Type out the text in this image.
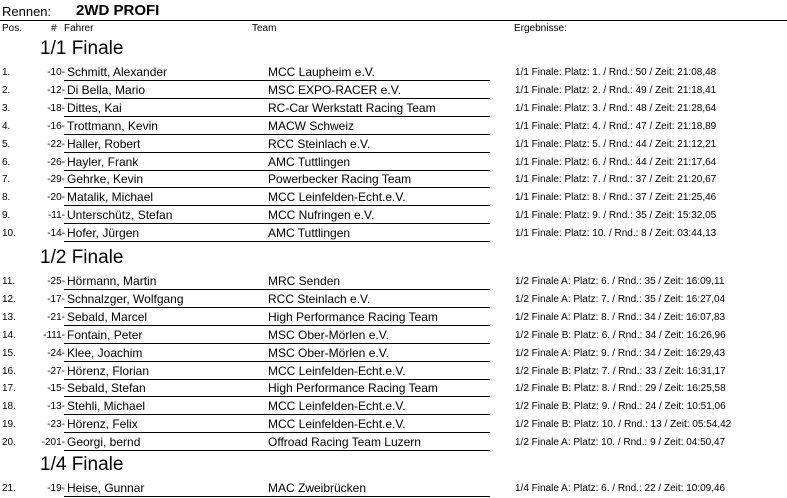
Rennen: 2WD PROFI
Pos.	# Fahrer	Team	Ergebnisse:
1/1 Finale
1.	-10- Schmitt, Alexander	MCC Laupheim e.V.	1/1 Finale: Platz: 1. / Rnd.: 50 / Zeit: 21:08,48
2.	-12- Di Bella, Mario	MSC EXPO-RACER e.V.	1/1 Finale: Platz: 2. / Rnd.: 49 / Zeit: 21:18,41
3.	-18- Dittes, Kai	RC-Car Werkstatt Racing Team	1/1 Finale: Platz: 3. / Rnd.: 48 / Zeit: 21:28,64
4.	-16- Trottmann, Kevin	MACW Schweiz	1/1 Finale: Platz: 4. / Rnd.: 47 / Zeit: 21:18,89
5.	-22- Haller, Robert	RCC Steinlach e.V.	1/1 Finale: Platz: 5. / Rnd.: 44 / Zeit: 21:12,21
6.	-26- Hayler, Frank	AMC Tuttlingen	1/1 Finale: Platz: 6. / Rnd.: 44 / Zeit: 21:17,64
7.	-29- Gehrke, Kevin	Powerbecker Racing Team	1/1 Finale: Platz: 7. / Rnd.: 37 / Zeit: 21:20,67
8.	-20- Matalik, Michael	MCC Leinfelden-Echt.e.V.	1/1 Finale: Platz: 8. / Rnd.: 37 / Zeit: 21:25,46
9.	-11- Unterschütz, Stefan	MCC Nufringen e.V.	1/1 Finale: Platz: 9. / Rnd.: 35 / Zeit: 15:32,05
10.	-14- Hofer, Jürgen	AMC Tuttlingen	1/1 Finale: Platz: 10. / Rnd.: 8 / Zeit: 03:44,13
1/2 Finale
11.	-25- Hörmann, Martin	MRC Senden	1/2 Finale A: Platz: 6. / Rnd.: 35 / Zeit: 16:09,11
12.	-17- Schnalzger, Wolfgang	RCC Steinlach e.V.	1/2 Finale A: Platz: 7. / Rnd.: 35 / Zeit: 16:27,04
13.	-21- Sebald, Marcel	High Performance Racing Team	1/2 Finale A: Platz: 8. / Rnd.: 34 / Zeit: 16:07,83
14.	-111- Fontain, Peter	MSC Ober-Mörlen e.V.	1/2 Finale B: Platz: 6. / Rnd.: 34 / Zeit: 16:26,96
15.	-24- Klee, Joachim	MSC Ober-Mörlen e.V.	1/2 Finale A: Platz: 9. / Rnd.: 34 / Zeit: 16:29,43
16.	-27- Hörenz, Florian	MCC Leinfelden-Echt.e.V.	1/2 Finale B: Platz: 7. / Rnd.: 33 / Zeit: 16:31,17
17.	-15- Sebald, Stefan	High Performance Racing Team	1/2 Finale B: Platz: 8. / Rnd.: 29 / Zeit: 16:25,58
18.	-13- Stehli, Michael	MCC Leinfelden-Echt.e.V.	1/2 Finale B: Platz: 9. / Rnd.: 24 / Zeit: 10:51,06
19.	-23- Hörenz, Felix	MCC Leinfelden-Echt.e.V.	1/2 Finale B: Platz: 10. / Rnd.: 13 / Zeit: 05:54,42
20.	-201- Georgi, bernd	Offroad Racing Team Luzern	1/2 Finale A: Platz: 10. / Rnd.: 9 / Zeit: 04:50,47
1/4 Finale
21.	-19- Heise, Gunnar	MAC Zweibrücken	1/4 Finale A: Platz: 6. / Rnd.: 22 / Zeit: 10:09,46
